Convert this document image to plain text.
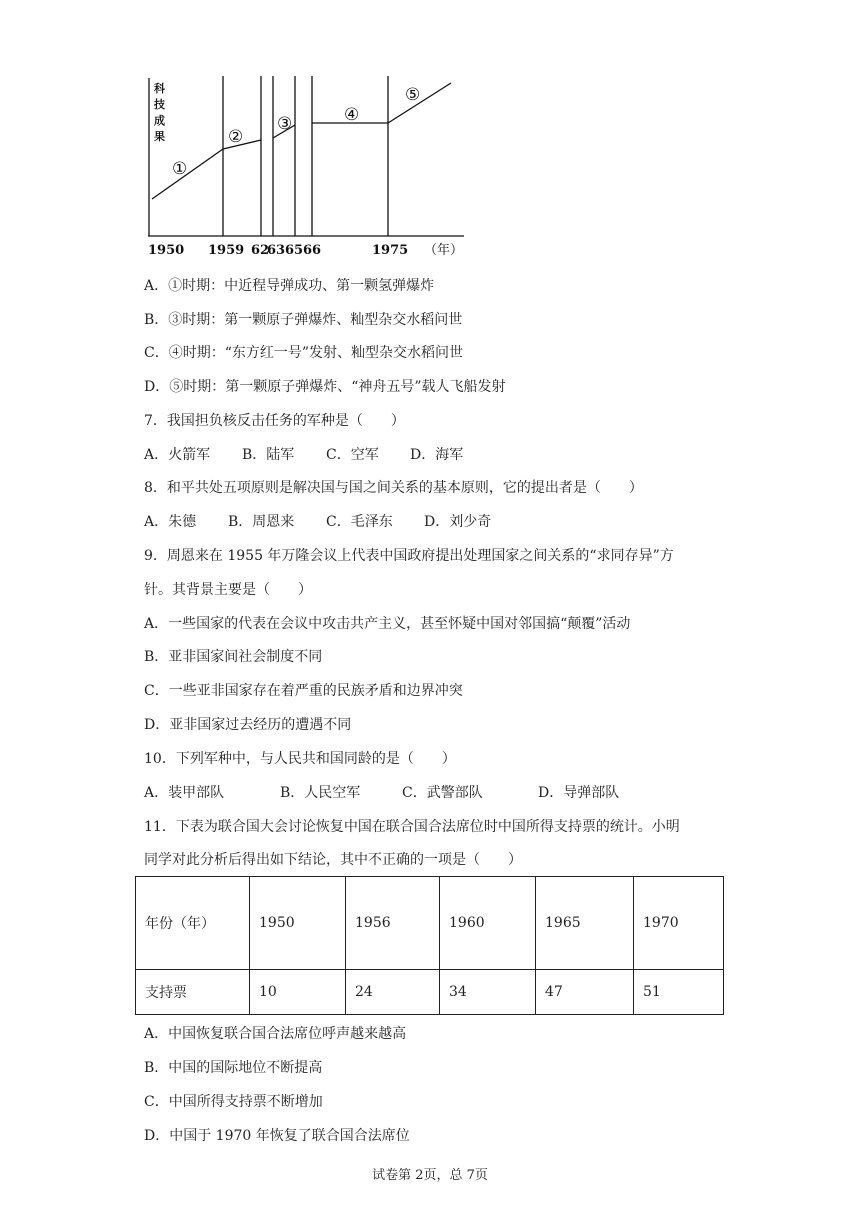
科
技
成
果
①
②
③	④
⑤
1950 1959 62
63 65 66	1975 （年）
A．①时期：中近程导弹成功、第一颗氢弹爆炸
B．③时期：第一颗原子弹爆炸、籼型杂交水稻问世
C．④时期：“东方红一号”发射、籼型杂交水稻问世
D．⑤时期：第一颗原子弹爆炸、“神舟五号”载人飞船发射
7．我国担负核反击任务的军种是（　　）
A．火箭军 B．陆军 C．空军 D．海军
8．和平共处五项原则是解决国与国之间关系的基本原则，它的提出者是（　　）
A．朱德 B．周恩来 C．毛泽东 D．刘少奇
9．周恩来在 1955 年万隆会议上代表中国政府提出处理国家之间关系的“求同存异”方
针。其背景主要是（　　）
A．一些国家的代表在会议中攻击共产主义，甚至怀疑中国对邻国搞“颠覆”活动
B．亚非国家间社会制度不同
C．一些亚非国家存在着严重的民族矛盾和边界冲突
D．亚非国家过去经历的遭遇不同
10．下列军种中，与人民共和国同龄的是（　　）
A．装甲部队	B．人民空军	C．武警部队	D．导弹部队
11．下表为联合国大会讨论恢复中国在联合国合法席位时中国所得支持票的统计。小明
同学对此分析后得出如下结论，其中不正确的一项是（　　）
年份（年）	1950	1956	1960	1965	1970
支持票	10	24	34	47	51
A．中国恢复联合国合法席位呼声越来越高
B．中国的国际地位不断提高
C．中国所得支持票不断增加
D．中国于 1970 年恢复了联合国合法席位
试卷第 2页，总 7页
